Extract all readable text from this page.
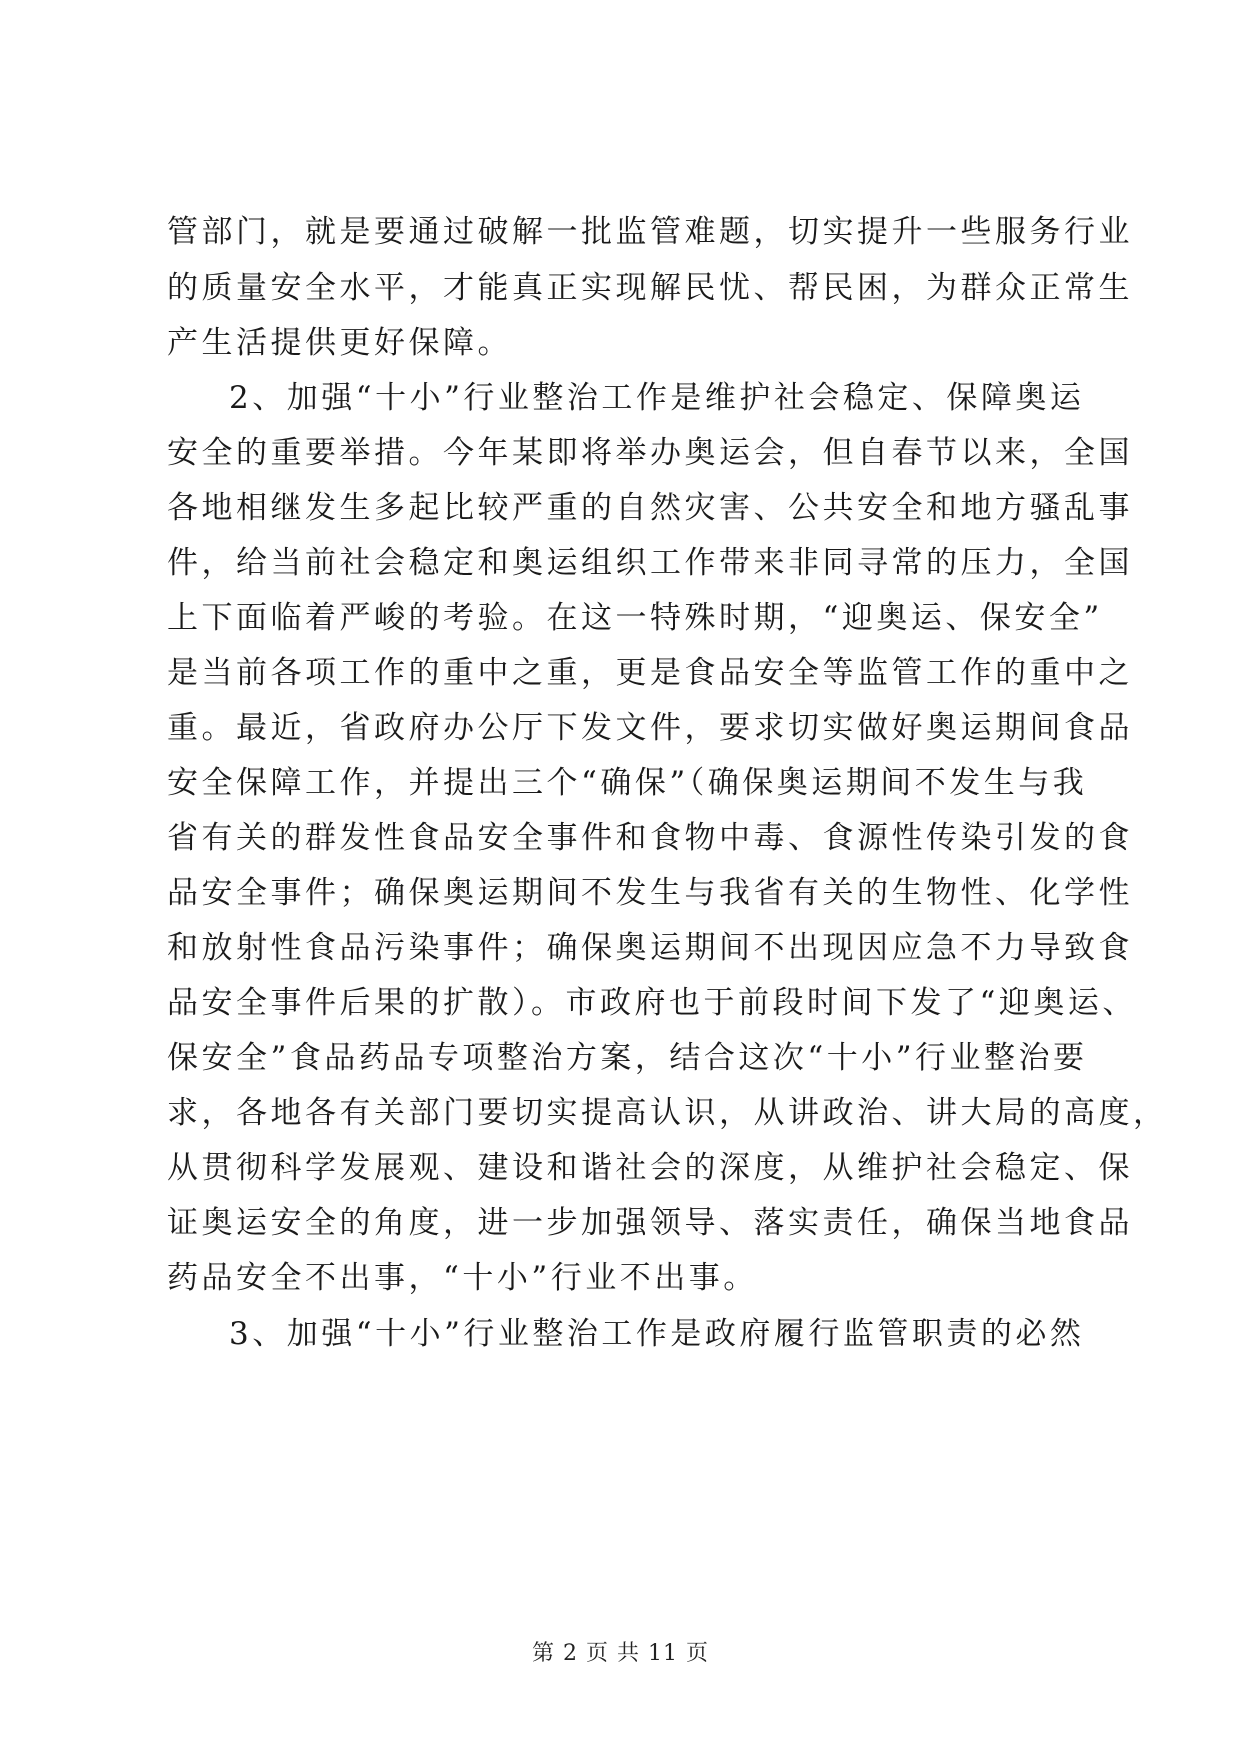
管部门，就是要通过破解一批监管难题，切实提升一些服务行业
的质量安全水平，才能真正实现解民忧、帮民困，为群众正常生
产生活提供更好保障。
2、加强“十小”行业整治工作是维护社会稳定、保障奥运
安全的重要举措。今年某即将举办奥运会，但自春节以来，全国
各地相继发生多起比较严重的自然灾害、公共安全和地方骚乱事
件，给当前社会稳定和奥运组织工作带来非同寻常的压力，全国
上下面临着严峻的考验。在这一特殊时期，“迎奥运、保安全”
是当前各项工作的重中之重，更是食品安全等监管工作的重中之
重。最近，省政府办公厅下发文件，要求切实做好奥运期间食品
安全保障工作，并提出三个“确保”（确保奥运期间不发生与我
省有关的群发性食品安全事件和食物中毒、食源性传染引发的食
品安全事件；确保奥运期间不发生与我省有关的生物性、化学性
和放射性食品污染事件；确保奥运期间不出现因应急不力导致食
品安全事件后果的扩散）。市政府也于前段时间下发了“迎奥运、
保安全”食品药品专项整治方案，结合这次“十小”行业整治要
求，各地各有关部门要切实提高认识，从讲政治、讲大局的高度，
从贯彻科学发展观、建设和谐社会的深度，从维护社会稳定、保
证奥运安全的角度，进一步加强领导、落实责任，确保当地食品
药品安全不出事，“十小”行业不出事。
3、加强“十小”行业整治工作是政府履行监管职责的必然
第 2 页 共 11 页
